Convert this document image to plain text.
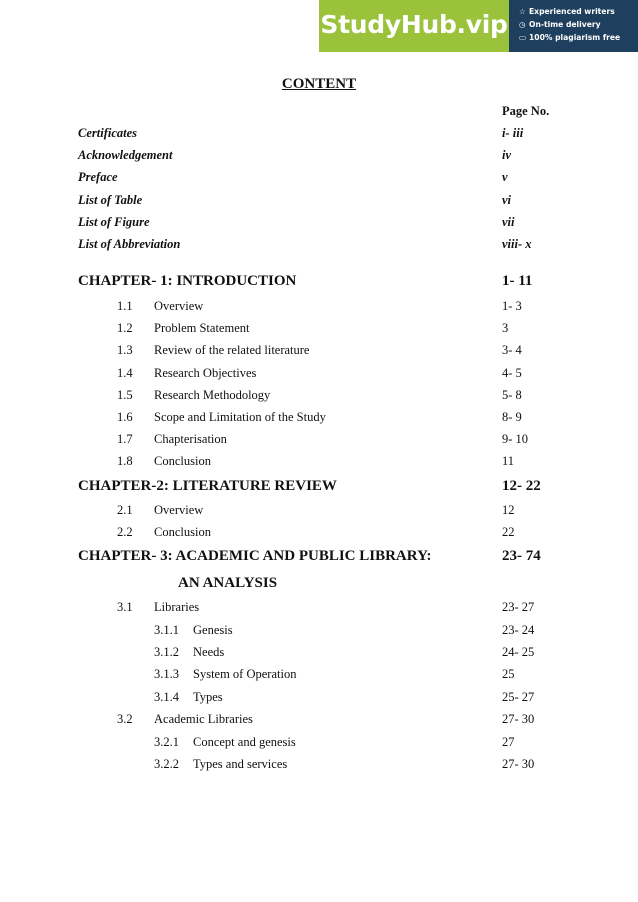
StudyHub.vip ☆ Experienced writers
◷ On-time delivery
▭ 100% plagiarism free
CONTENT
Page No.
Certificates	i- iii
Acknowledgement	iv
Preface	v
List of Table	vi
List of Figure	vii
List of Abbreviation	viii- x
CHAPTER- 1: INTRODUCTION	1- 11
1.1 Overview	1- 3
1.2 Problem Statement	3
1.3 Review of the related literature	3- 4
1.4 Research Objectives	4- 5
1.5 Research Methodology	5- 8
1.6 Scope and Limitation of the Study	8- 9
1.7 Chapterisation	9- 10
1.8 Conclusion	11
CHAPTER-2: LITERATURE REVIEW	12- 22
2.1 Overview	12
2.2 Conclusion	22
CHAPTER- 3: ACADEMIC AND PUBLIC LIBRARY:	23- 74
AN ANALYSIS
3.1 Libraries	23- 27
3.1.1 Genesis	23- 24
3.1.2 Needs	24- 25
3.1.3 System of Operation	25
3.1.4 Types	25- 27
3.2 Academic Libraries	27- 30
3.2.1 Concept and genesis	27
3.2.2 Types and services	27- 30
